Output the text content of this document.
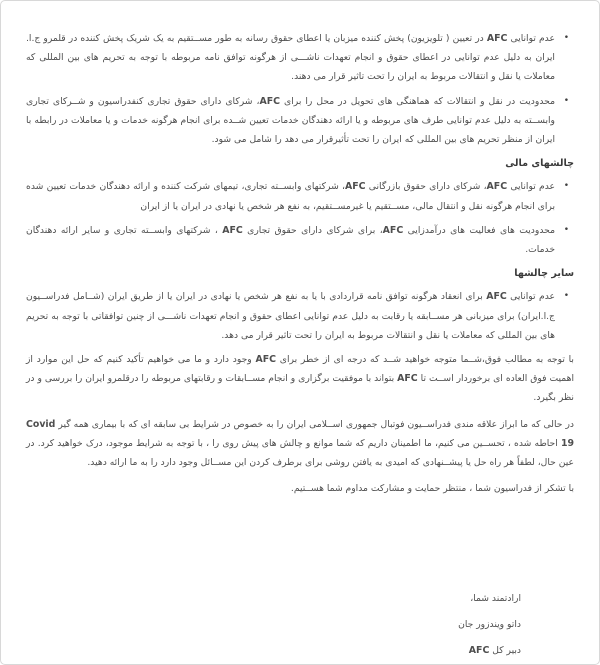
•
عدم توانایی AFC در تعیین ( تلویزیون) پخش کننده میزبان یا اعطای حقوق رسانه به طور مســتقیم به یک شریک پخش کننده در قلمرو ج.ا. ایران به دلیل عدم توانایی در اعطای حقوق و انجام تعهدات ناشـــی از هرگونه توافق نامه مربوطه با توجه به تحریم های بین المللی که معاملات یا نقل و انتقالات مربوط به ایران را تحت تاثیر قرار می دهند.
•
محدودیت در نقل و انتقالات که هماهنگی های تحویل در محل را برای AFC، شرکای دارای حقوق تجاری کنفدراسیون و شــرکای تجاری وابســته به دلیل عدم توانایی طرف های مربوطه و یا ارائه دهندگان خدمات تعیین شــده برای انجام هرگونه خدمات و یا معاملات در رابطه با ایران از منظر تحریم های بین المللی که ایران را تحت تأثیرقرار می دهد را شامل می شود.
چالشهای مالی
•
عدم توانایی AFC، شرکای دارای حقوق بازرگانی AFC، شرکتهای وابســته تجاری، تیمهای شرکت کننده و ارائه دهندگان خدمات تعیین شده برای انجام هرگونه نقل و انتقال مالی، مســتقیم یا غیرمســتقیم، به نفع هر شخص یا نهادی در ایران یا از ایران
•
محدودیت های فعالیت های درآمدزایی AFC، برای شرکای دارای حقوق تجاری AFC ، شرکتهای وابســته تجاری و سایر ارائه دهندگان خدمات.
سایر چالشها
•
عدم توانایی AFC برای انعقاد هرگونه توافق نامه قراردادی با یا به نفع هر شخص یا نهادی در ایران یا از طریق ایران (شــامل فدراســیون ج.ا.ایران) برای میزبانی هر مســابقه یا رقابت به دلیل عدم توانایی اعطای حقوق و انجام تعهدات ناشـــی از چنین توافقاتی با توجه به تحریم های بین المللی که معاملات یا نقل و انتقالات مربوط به ایران را تحت تاثیر قرار می دهد.
با توجه به مطالب فوق،شــما متوجه خواهید شــد که درجه ای از خطر برای AFC وجود دارد و ما می خواهیم تأکید کنیم که حل این موارد از اهمیت فوق العاده ای برخوردار اســت تا AFC بتواند با موفقیت برگزاری و انجام مســابقات و رقابتهای مربوطه را درقلمرو ایران را بررسی و در نظر بگیرد.
در حالی که ما ابراز علاقه مندی فدراســیون فوتبال جمهوری اســلامی ایران را به خصوص در شرایط بی سابقه ای که با بیماری همه گیر Covid 19 احاطه شده ، تحســین می کنیم، ما اطمینان داریم که شما موانع و چالش های پیش روی را ، با توجه به شرایط موجود، درک خواهید کرد. در عین حال، لطفاً هر راه حل یا پیشــنهادی که امیدی به یافتن روشی برای برطرف کردن این مســائل وجود دارد را به ما ارائه دهید.
با تشکر از فدراسیون شما ، منتظر حمایت و مشارکت مداوم شما هســتیم.
ارادتمند شما،
داتو ویندزور جان
دبیر کل AFC
